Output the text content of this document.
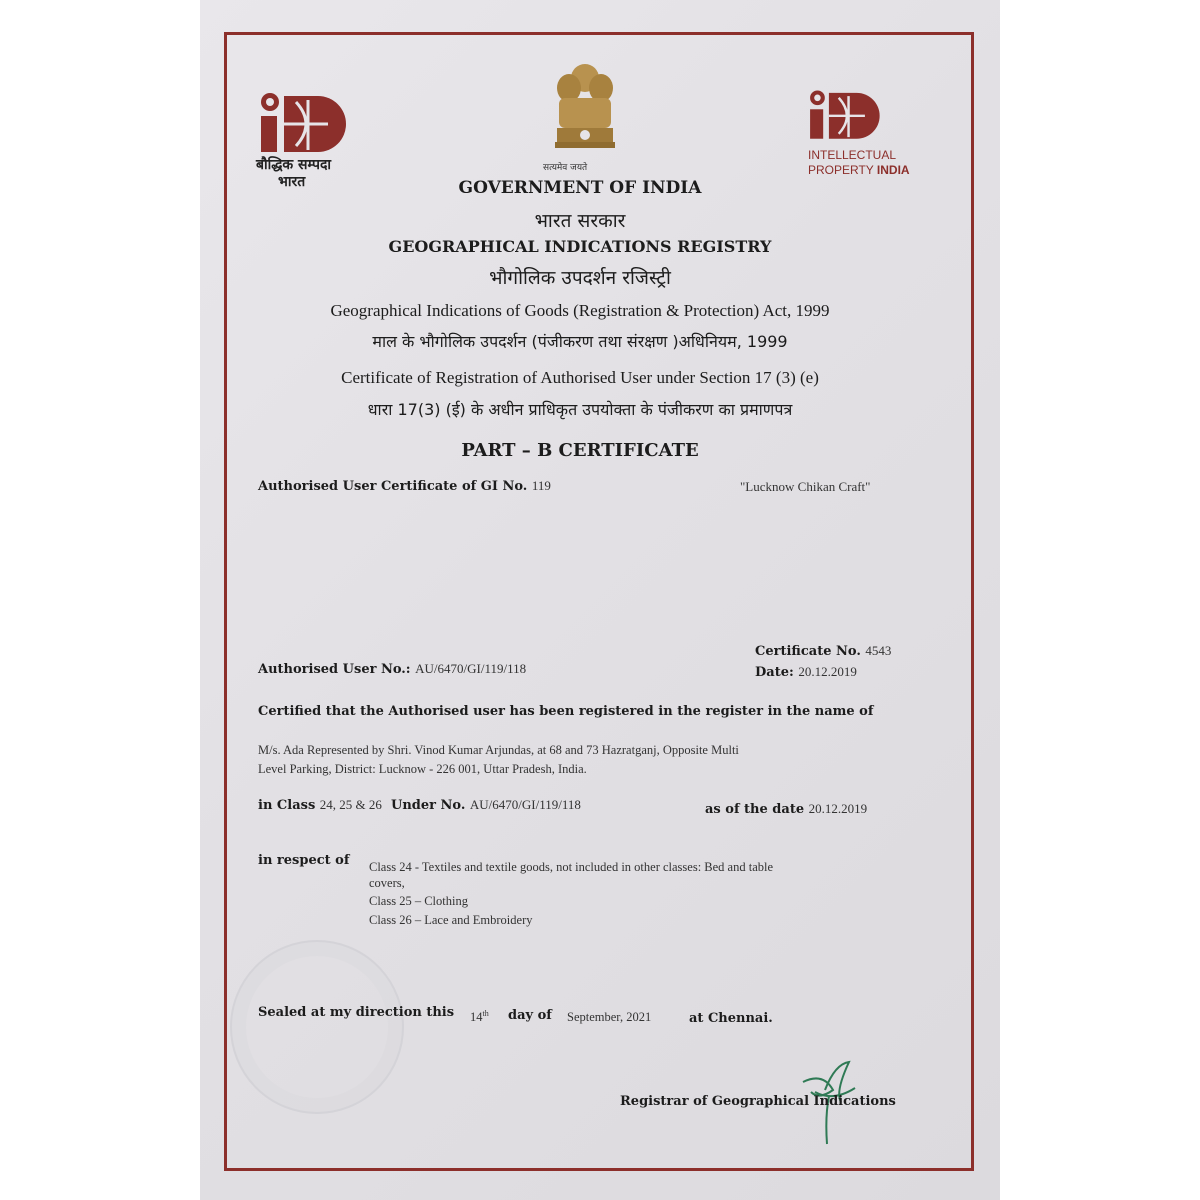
बौद्धिक सम्पदा
भारत
सत्यमेव जयते
INTELLECTUAL
PROPERTY INDIA
GOVERNMENT OF INDIA
भारत सरकार
GEOGRAPHICAL INDICATIONS REGISTRY
भौगोलिक उपदर्शन रजिस्ट्री
Geographical Indications of Goods (Registration & Protection) Act, 1999
माल के भौगोलिक उपदर्शन (पंजीकरण तथा संरक्षण )अधिनियम, 1999
Certificate of Registration of Authorised User under Section 17 (3) (e)
धारा 17(3) (ई) के अधीन प्राधिकृत उपयोक्ता के पंजीकरण का प्रमाणपत्र
PART – B CERTIFICATE
Authorised User Certificate of GI No. 119	"Lucknow Chikan Craft"
Certificate No. 4543
Authorised User No.: AU/6470/GI/119/118	Date: 20.12.2019
Certified that the Authorised user has been registered in the register in the name of
M/s. Ada Represented by Shri. Vinod Kumar Arjundas, at 68 and 73 Hazratganj, Opposite Multi
Level Parking, District: Lucknow - 226 001, Uttar Pradesh, India.
in Class 24, 25 & 26 Under No. AU/6470/GI/119/118	as of the date 20.12.2019
in respect of Class 24 - Textiles and textile goods, not included in other classes: Bed and table
covers,
Class 25 – Clothing
Class 26 – Lace and Embroidery
Sealed at my direction this 14th day of September, 2021	at Chennai.
Registrar of Geographical Indications
